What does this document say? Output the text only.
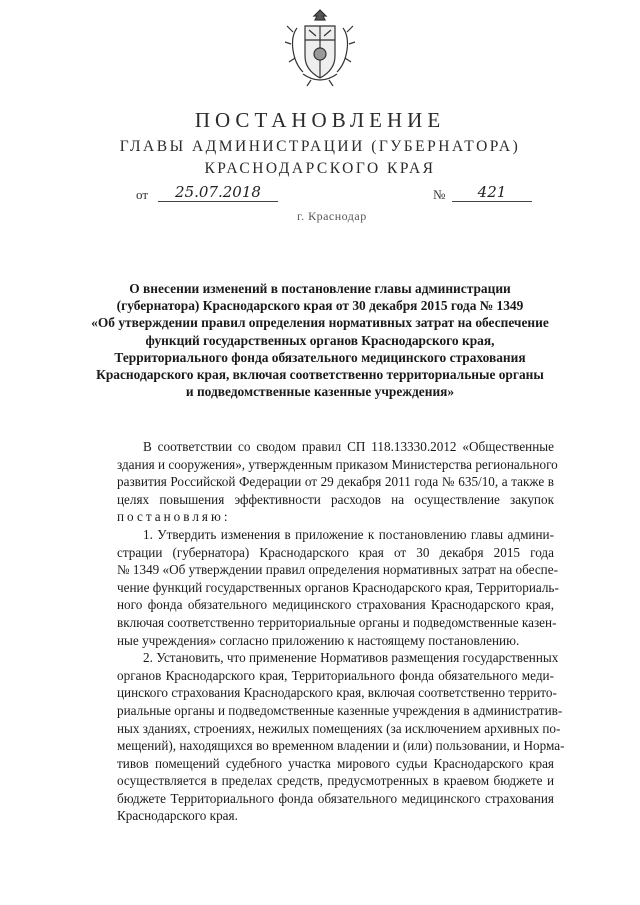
ПОСТАНОВЛЕНИЕ
ГЛАВЫ АДМИНИСТРАЦИИ (ГУБЕРНАТОРА)
КРАСНОДАРСКОГО КРАЯ
от	25.07.2018	№	421
г. Краснодар
О внесении изменений в постановление главы администрации
(губернатора) Краснодарского края от 30 декабря 2015 года № 1349
«Об утверждении правил определения нормативных затрат на обеспечение
функций государственных органов Краснодарского края,
Территориального фонда обязательного медицинского страхования
Краснодарского края, включая соответственно территориальные органы
и подведомственные казенные учреждения»
В соответствии со сводом правил СП 118.13330.2012 «Общественные
здания и сооружения», утвержденным приказом Министерства регионального
развития Российской Федерации от 29 декабря 2011 года № 635/10, а также в
целях повышения эффективности расходов на осуществление закупок
постановляю:
1. Утвердить изменения в приложение к постановлению главы админи-
страции (губернатора) Краснодарского края от 30 декабря 2015 года
№ 1349 «Об утверждении правил определения нормативных затрат на обеспе-
чение функций государственных органов Краснодарского края, Территориаль-
ного фонда обязательного медицинского страхования Краснодарского края,
включая соответственно территориальные органы и подведомственные казен-
ные учреждения» согласно приложению к настоящему постановлению.
2. Установить, что применение Нормативов размещения государственных
органов Краснодарского края, Территориального фонда обязательного меди-
цинского страхования Краснодарского края, включая соответственно террито-
риальные органы и подведомственные казенные учреждения в административ-
ных зданиях, строениях, нежилых помещениях (за исключением архивных по-
мещений), находящихся во временном владении и (или) пользовании, и Норма-
тивов помещений судебного участка мирового судьи Краснодарского края
осуществляется в пределах средств, предусмотренных в краевом бюджете и
бюджете Территориального фонда обязательного медицинского страхования
Краснодарского края.
